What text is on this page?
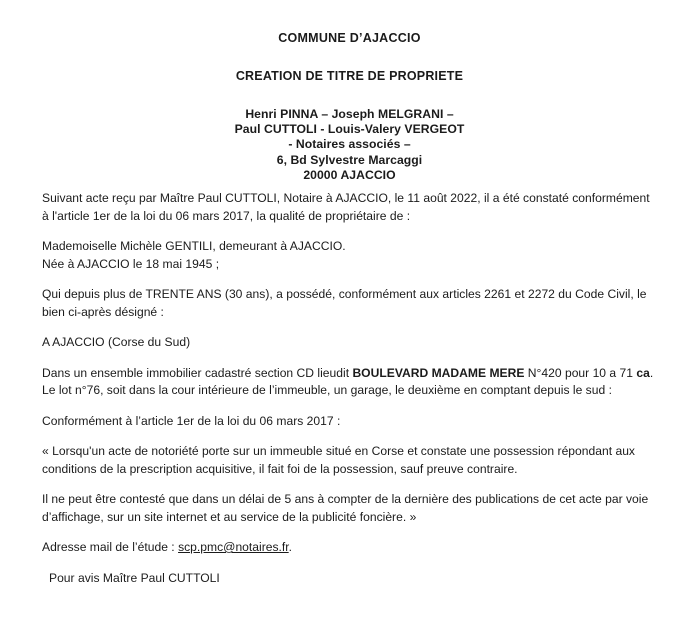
COMMUNE D’AJACCIO
CREATION DE TITRE DE PROPRIETE
Henri PINNA – Joseph MELGRANI –
Paul CUTTOLI - Louis-Valery VERGEOT
- Notaires associés –
6, Bd Sylvestre Marcaggi
20000 AJACCIO

Suivant acte reçu par Maître Paul CUTTOLI, Notaire à AJACCIO, le 11 août 2022, il a été constaté conformément à l'article 1er de la loi du 06 mars 2017, la qualité de propriétaire de :

Mademoiselle Michèle GENTILI, demeurant à AJACCIO.

Née à AJACCIO le 18 mai 1945 ;

Qui depuis plus de TRENTE ANS (30 ans), a possédé, conformément aux articles 2261 et 2272 du Code Civil, le bien ci-après désigné :

A AJACCIO (Corse du Sud)

Dans un ensemble immobilier cadastré section CD lieudit BOULEVARD MADAME MERE N°420 pour 10 a 71 ca. Le lot n°76, soit dans la cour intérieure de l’immeuble, un garage, le deuxième en comptant depuis le sud :

Conformément à l’article 1er de la loi du 06 mars 2017 :

« Lorsqu'un acte de notoriété porte sur un immeuble situé en Corse et constate une possession répondant aux conditions de la prescription acquisitive, il fait foi de la possession, sauf preuve contraire.

Il ne peut être contesté que dans un délai de 5 ans à compter de la dernière des publications de cet acte par voie d’affichage, sur un site internet et au service de la publicité foncière. »

Adresse mail de l’étude : scp.pmc@notaires.fr.

Pour avis Maître Paul CUTTOLI
